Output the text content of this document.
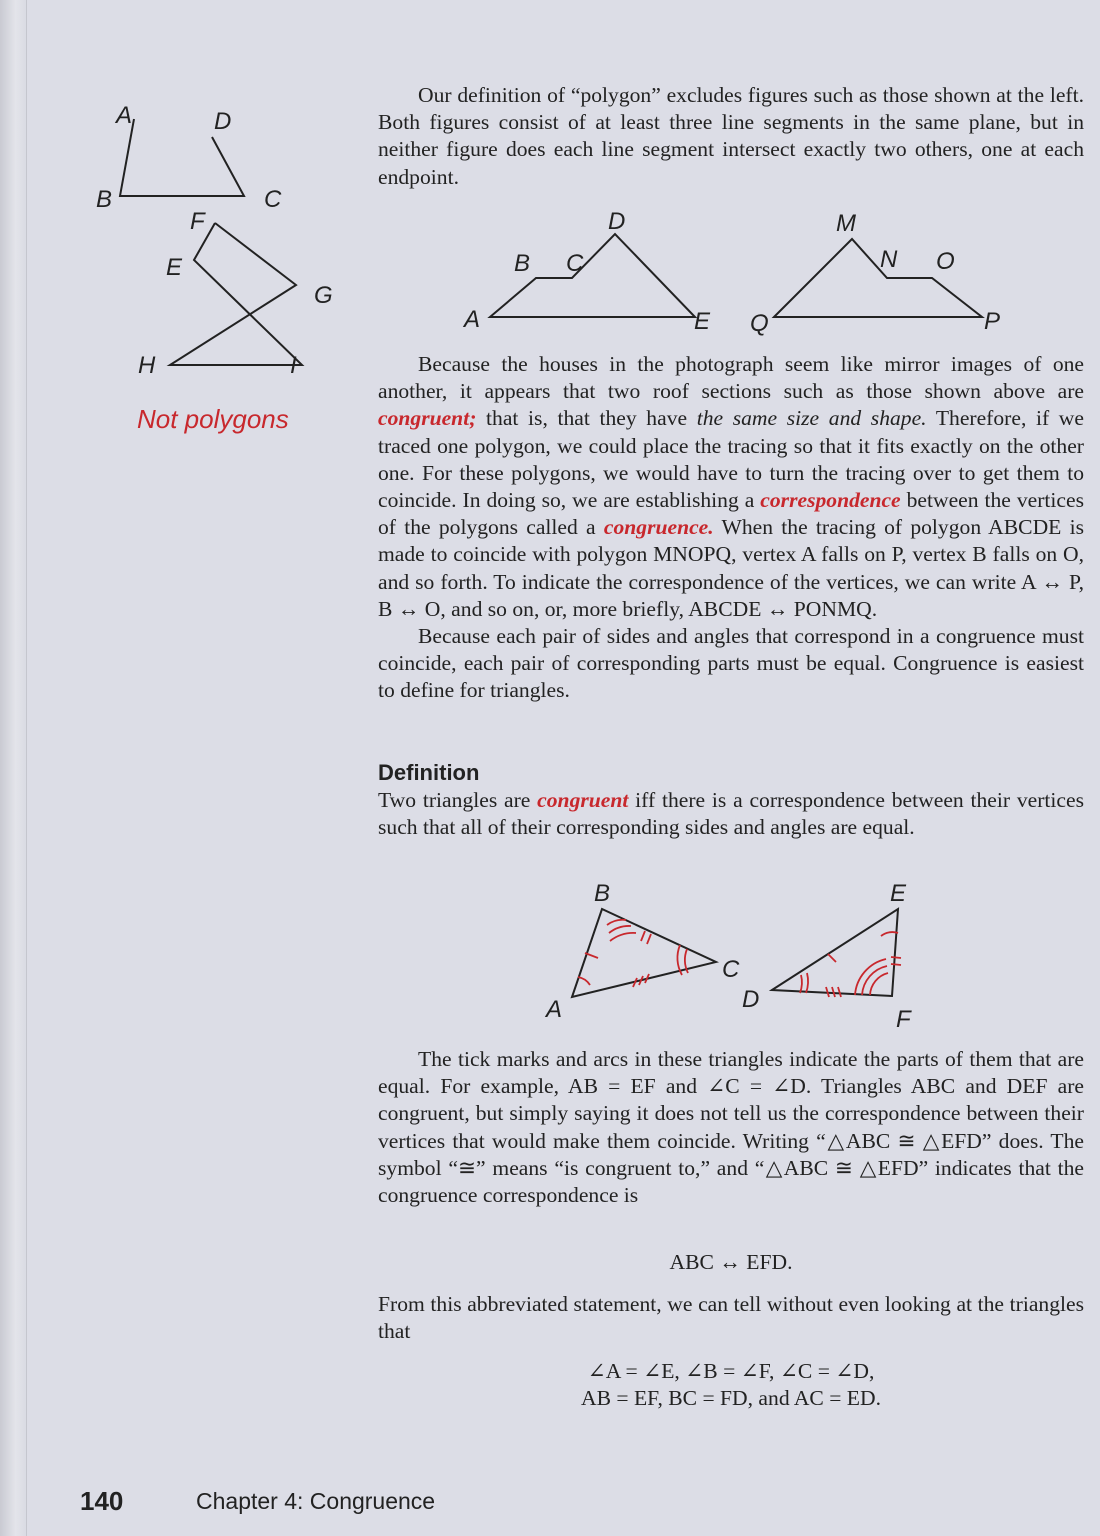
A	D
B	C
F
E
G
H	I
Not polygons
B C
D
A	E
M
N O
Q	P

Our definition of “polygon” excludes figures such as those shown at the left. Both figures consist of at least three line segments in the same plane, but in neither figure does each line segment intersect exactly two others, one at each endpoint.

Because the houses in the photograph seem like mirror images of one another, it appears that two roof sections such as those shown above are congruent; that is, that they have the same size and shape. Therefore, if we traced one polygon, we could place the tracing so that it fits exactly on the other one. For these polygons, we would have to turn the tracing over to get them to coincide. In doing so, we are establishing a correspondence between the vertices of the polygons called a congruence. When the tracing of polygon ABCDE is made to coincide with polygon MNOPQ, vertex A falls on P, vertex B falls on O, and so forth. To indicate the correspondence of the vertices, we can write A ↔ P, B ↔ O, and so on, or, more briefly, ABCDE ↔ PONMQ.

Because each pair of sides and angles that correspond in a congruence must coincide, each pair of corresponding parts must be equal. Congruence is easiest to define for triangles.

Definition

Two triangles are congruent iff there is a correspondence between their vertices such that all of their corresponding sides and angles are equal.

B
C
A
E
D
F

The tick marks and arcs in these triangles indicate the parts of them that are equal. For example, AB = EF and ∠C = ∠D. Triangles ABC and DEF are congruent, but simply saying it does not tell us the correspondence between their vertices that would make them coincide. Writing “△ABC ≅ △EFD” does. The symbol “≅” means “is congruent to,” and “△ABC ≅ △EFD” indicates that the congruence correspondence is

ABC ↔ EFD.

From this abbreviated statement, we can tell without even looking at the triangles that

∠A = ∠E, ∠B = ∠F, ∠C = ∠D,
AB = EF, BC = FD, and AC = ED.
140	Chapter 4: Congruence
